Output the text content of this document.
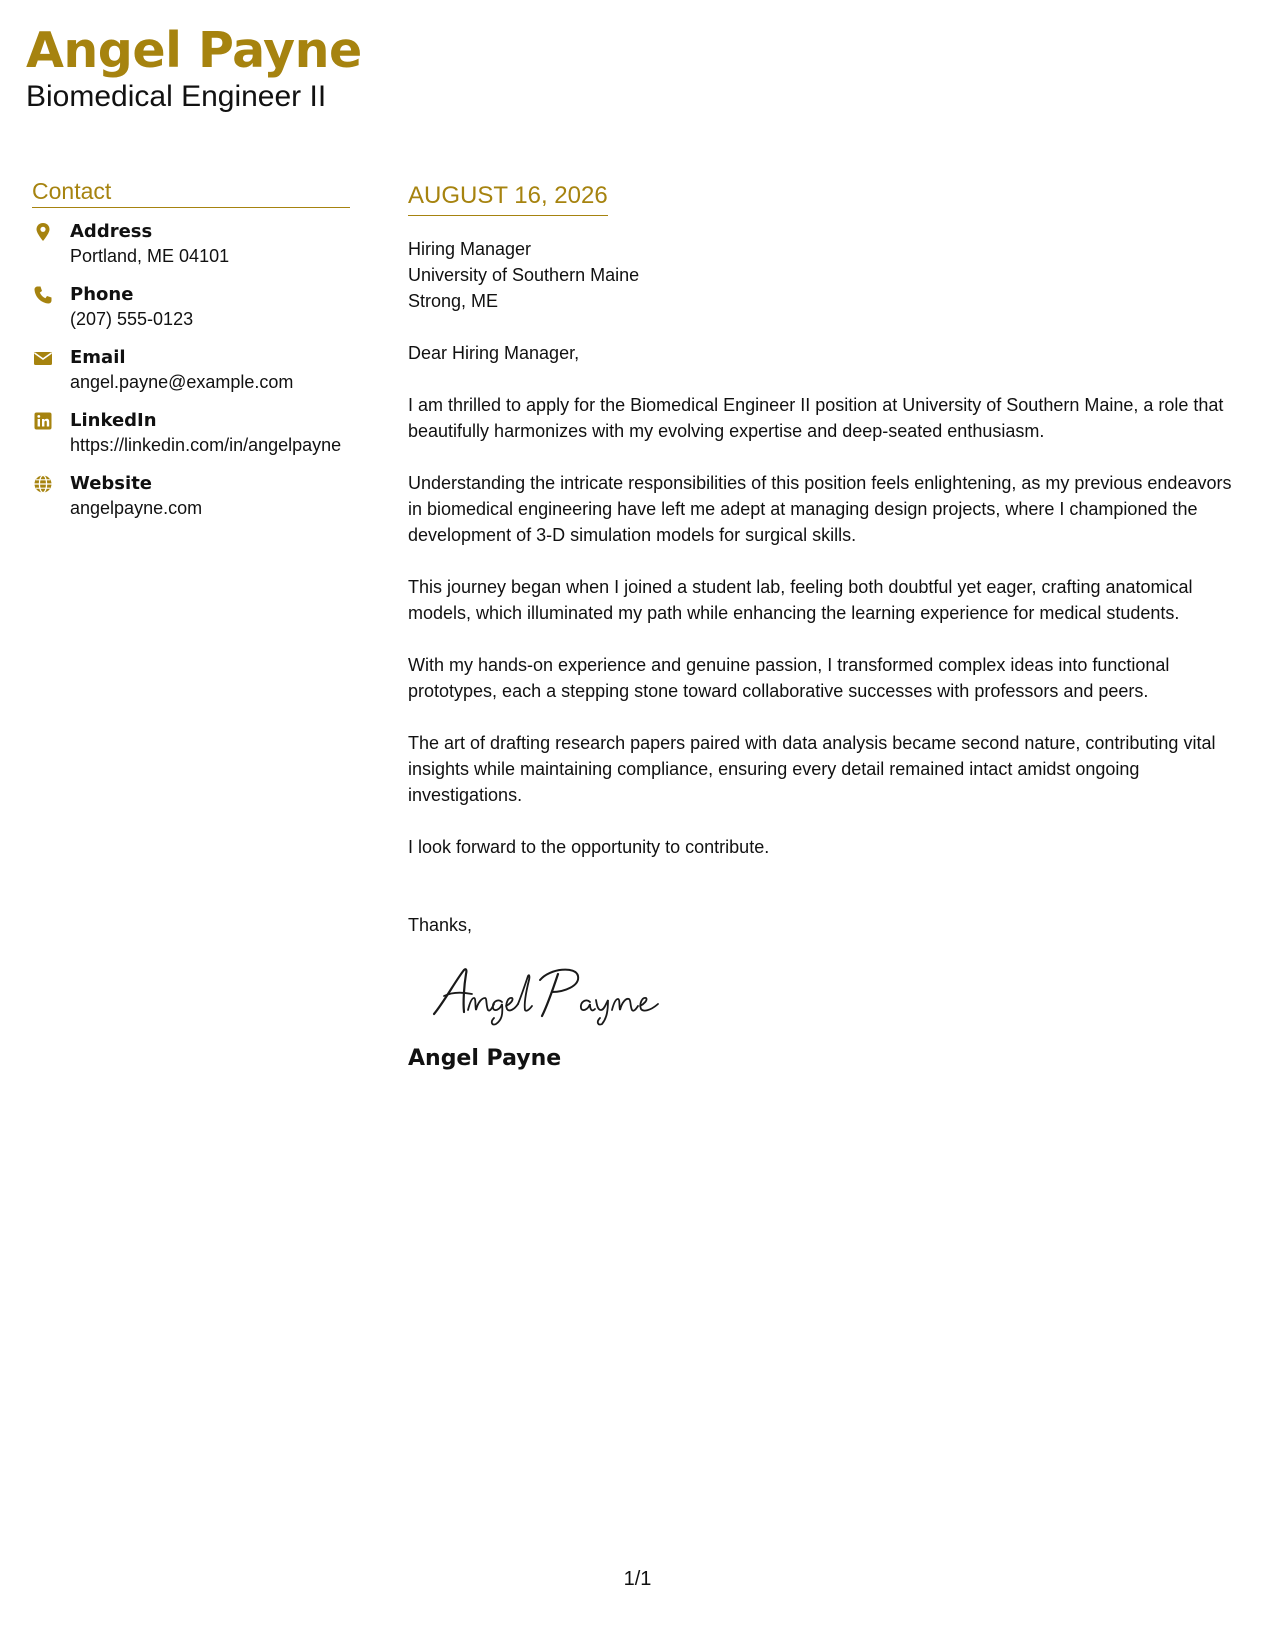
Angel Payne
Biomedical Engineer II
Contact
Address
Portland, ME 04101
Phone
(207) 555-0123
Email
angel.payne@example.com
LinkedIn
https://linkedin.com/in/angelpayne
Website
angelpayne.com
AUGUST 16, 2026
Hiring Manager
University of Southern Maine
Strong, ME

Dear Hiring Manager,

I am thrilled to apply for the Biomedical Engineer II position at University of Southern Maine, a role that beautifully harmonizes with my evolving expertise and deep-seated enthusiasm.

Understanding the intricate responsibilities of this position feels enlightening, as my previous endeavors in biomedical engineering have left me adept at managing design projects, where I championed the development of 3-D simulation models for surgical skills.

This journey began when I joined a student lab, feeling both doubtful yet eager, crafting anatomical models, which illuminated my path while enhancing the learning experience for medical students.

With my hands-on experience and genuine passion, I transformed complex ideas into functional prototypes, each a stepping stone toward collaborative successes with professors and peers.

The art of drafting research papers paired with data analysis became second nature, contributing vital insights while maintaining compliance, ensuring every detail remained intact amidst ongoing investigations.

I look forward to the opportunity to contribute.

Thanks,
Angel Payne
1/1
